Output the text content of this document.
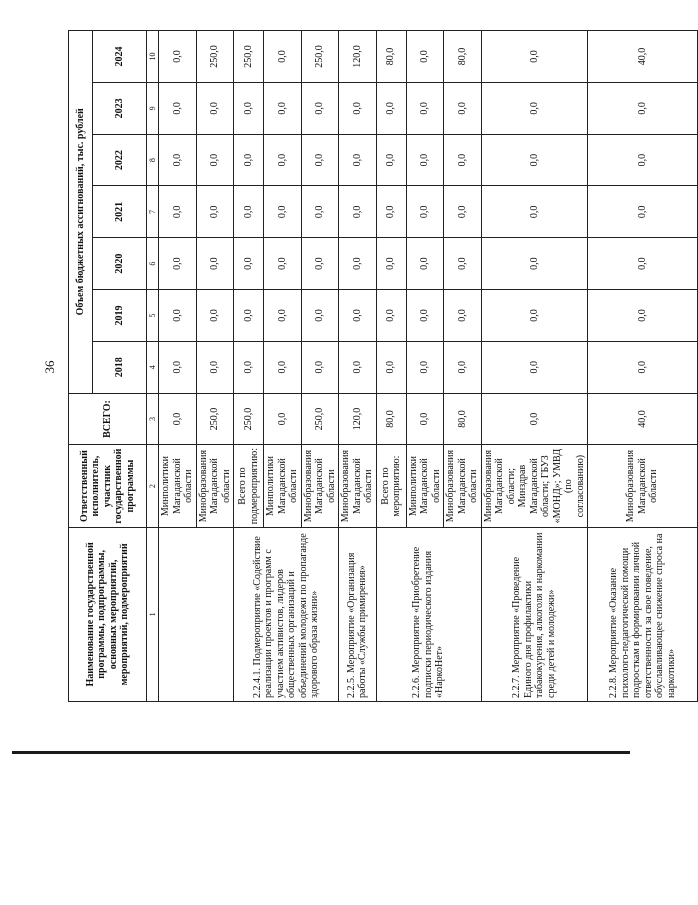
36
Наименование государственной программы, подпрограммы, основных мероприятий, мероприятий, подмероприятий	Ответственный исполнитель, участник государственной программы	ВСЕГО:	Объем бюджетных ассигнований, тыс. рублей						
			2018	2019	2020	2021	2022	2023	2024
1	2	3	4	5	6	7	8	9	10
	Минполитики Магаданской области	0,0	0,0	0,0	0,0	0,0	0,0	0,0	0,0
	Минобразования Магаданской области	250,0	0,0	0,0	0,0	0,0	0,0	0,0	250,0
2.2.4.1. Подмероприятие «Содействие реализации проектов и программ с участием активистов, лидеров общественных организаций и объединений молодежи по пропаганде здорового образа жизни»	Всего по подмероприятию:	250,0	0,0	0,0	0,0	0,0	0,0	0,0	250,0
	Минполитики Магаданской области	0,0	0,0	0,0	0,0	0,0	0,0	0,0	0,0
	Минобразования Магаданской области	250,0	0,0	0,0	0,0	0,0	0,0	0,0	250,0
2.2.5. Мероприятие «Организация работы «Службы примирения»	Минобразования Магаданской области	120,0	0,0	0,0	0,0	0,0	0,0	0,0	120,0
2.2.6. Мероприятие «Приобретение подписки периодического издания «НаркоНет»	Всего по мероприятию:	80,0	0,0	0,0	0,0	0,0	0,0	0,0	80,0
	Минполитики Магаданской области	0,0	0,0	0,0	0,0	0,0	0,0	0,0	0,0
	Минобразования Магаданской области	80,0	0,0	0,0	0,0	0,0	0,0	0,0	80,0
2.2.7. Мероприятие «Проведение Единого дня профилактики табакокурения, алкоголя и наркомании среди детей и молодежи»	Минобразования Магаданской области; Минздрав Магаданской области; ГБУЗ «МОНД»; УМВД (по согласованию)	0,0	0,0	0,0	0,0	0,0	0,0	0,0	0,0
2.2.8. Мероприятие «Оказание психолого-педагогической помощи подросткам в формировании личной ответственности за свое поведение, обуславливающее снижение спроса на наркотики»	Минобразования Магаданской области	40,0	0,0	0,0	0,0	0,0	0,0	0,0	40,0
